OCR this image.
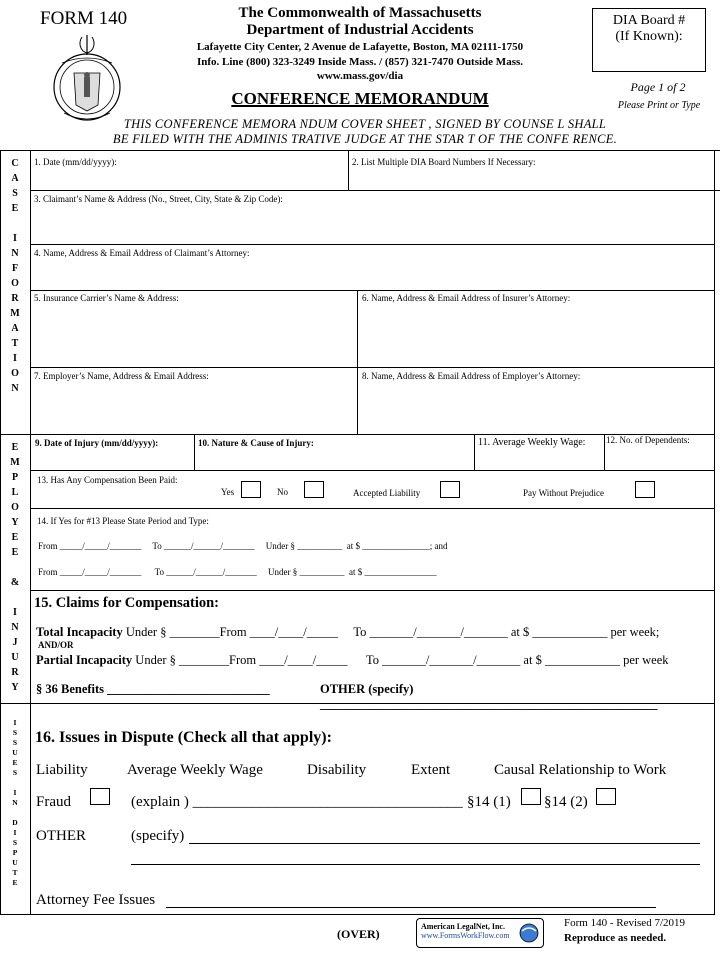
FORM 140	The Commonwealth of Massachusetts
Department of Industrial Accidents
Lafayette City Center, 2 Avenue de Lafayette, Boston, MA 02111-1750
Info. Line (800) 323-3249 Inside Mass. / (857) 321-7470 Outside Mass.
www.mass.gov/dia
CONFERENCE MEMORANDUM
DIA Board #
(If Known):
Page 1 of 2
Please Print or Type
THIS CONFERENCE MEMORA NDUM COVER SHEET , SIGNED BY COUNSE L SHALL
BE FILED WITH THE ADMINIS TRATIVE JUDGE AT THE STAR T OF THE CONFE RENCE.
C
A
S
E

I
N
F
O
R
M
A
T
I
O
N
E
M
P
L
O
Y
E
E

&

I
N
J
U
R
Y
I
S
S
U
E
S

I
N

D
I
S
P
U
T
E
1. Date (mm/dd/yyyy):	2. List Multiple DIA Board Numbers If Necessary:
3. Claimant’s Name & Address (No., Street, City, State & Zip Code):
4. Name, Address & Email Address of Claimant’s Attorney:
5. Insurance Carrier’s Name & Address:	6. Name, Address & Email Address of Insurer’s Attorney:
7. Employer’s Name, Address & Email Address:	8. Name, Address & Email Address of Employer’s Attorney:
9. Date of Injury (mm/dd/yyyy):	10. Nature & Cause of Injury:	11. Average Weekly Wage: 12. No. of Dependents:
13. Has Any Compensation Been Paid:
Yes	No	Accepted Liability	Pay Without Prejudice
14. If Yes for #13 Please State Period and Type:
From _____/_____/_______     To ______/______/_______     Under § __________  at $ _______________; and
From _____/_____/_______      To ______/______/_______     Under § __________  at $ ________________
15. Claims for Compensation:
Total Incapacity Under § ________From ____/____/_____     To _______/_______/_______ at $ ____________ per week;
AND/OR
Partial Incapacity Under § ________From ____/____/_____      To _______/_______/_______ at $ ____________ per week
§ 36 Benefits __________________________	OTHER (specify) ______________________________________________________
16. Issues in Dispute (Check all that apply):
Liability	Average Weekly Wage	Disability	Extent	Causal Relationship to Work
Fraud	(explain ) ____________________________________ §14 (1) §14 (2)
OTHER	(specify)
Attorney Fee Issues
(OVER)
American LegalNet, Inc.
www.FormsWorkFlow.com
Form 140 - Revised 7/2019
Reproduce as needed.
